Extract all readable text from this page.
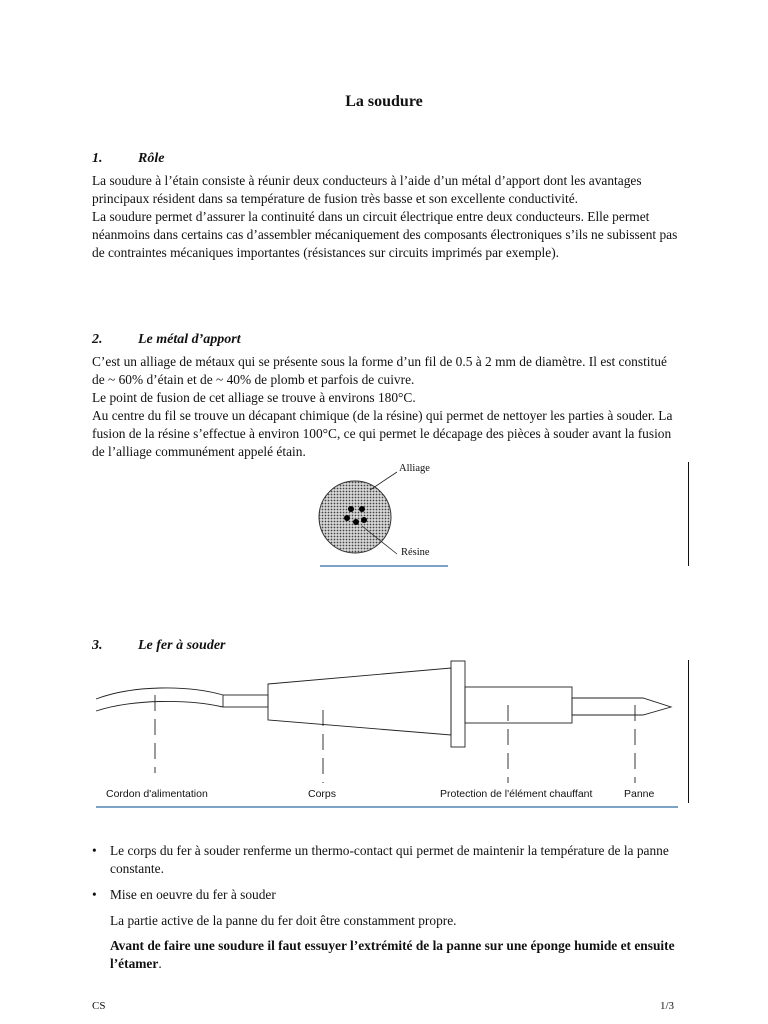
La soudure
1.	Rôle

La soudure à l’étain consiste à réunir deux conducteurs à l’aide d’un métal d’apport dont les avantages principaux résident dans sa température de fusion très basse et son excellente conductivité.

La soudure permet d’assurer la continuité dans un circuit électrique entre deux conducteurs. Elle permet néanmoins dans certains cas d’assembler mécaniquement des composants électroniques s’ils ne subissent pas de contraintes mécaniques importantes (résistances sur circuits imprimés par exemple).

2.	Le métal d’apport

C’est un alliage de métaux qui se présente sous la forme d’un fil de 0.5 à 2 mm de diamètre. Il est constitué de ~ 60% d’étain et de ~ 40% de plomb et parfois de cuivre.

Le point de fusion de cet alliage se trouve à environs 180°C.

Au centre du fil se trouve un décapant chimique (de la résine) qui permet de nettoyer les parties à souder. La fusion de la résine s’effectue à environ 100°C, ce qui permet le décapage des pièces à souder avant la fusion de l’alliage communément appelé étain.

Alliage
Résine
3.	Le fer à souder
Cordon d'alimentation	Corps	Protection de l'élément chauffant	Panne
• Le corps du fer à souder renferme un thermo-contact qui permet de maintenir la température de la panne constante.
• Mise en oeuvre du fer à souder
La partie active de la panne du fer doit être constamment propre.
Avant de faire une soudure il faut essuyer l’extrémité de la panne sur une éponge humide et ensuite l’étamer.
CS	1/3
